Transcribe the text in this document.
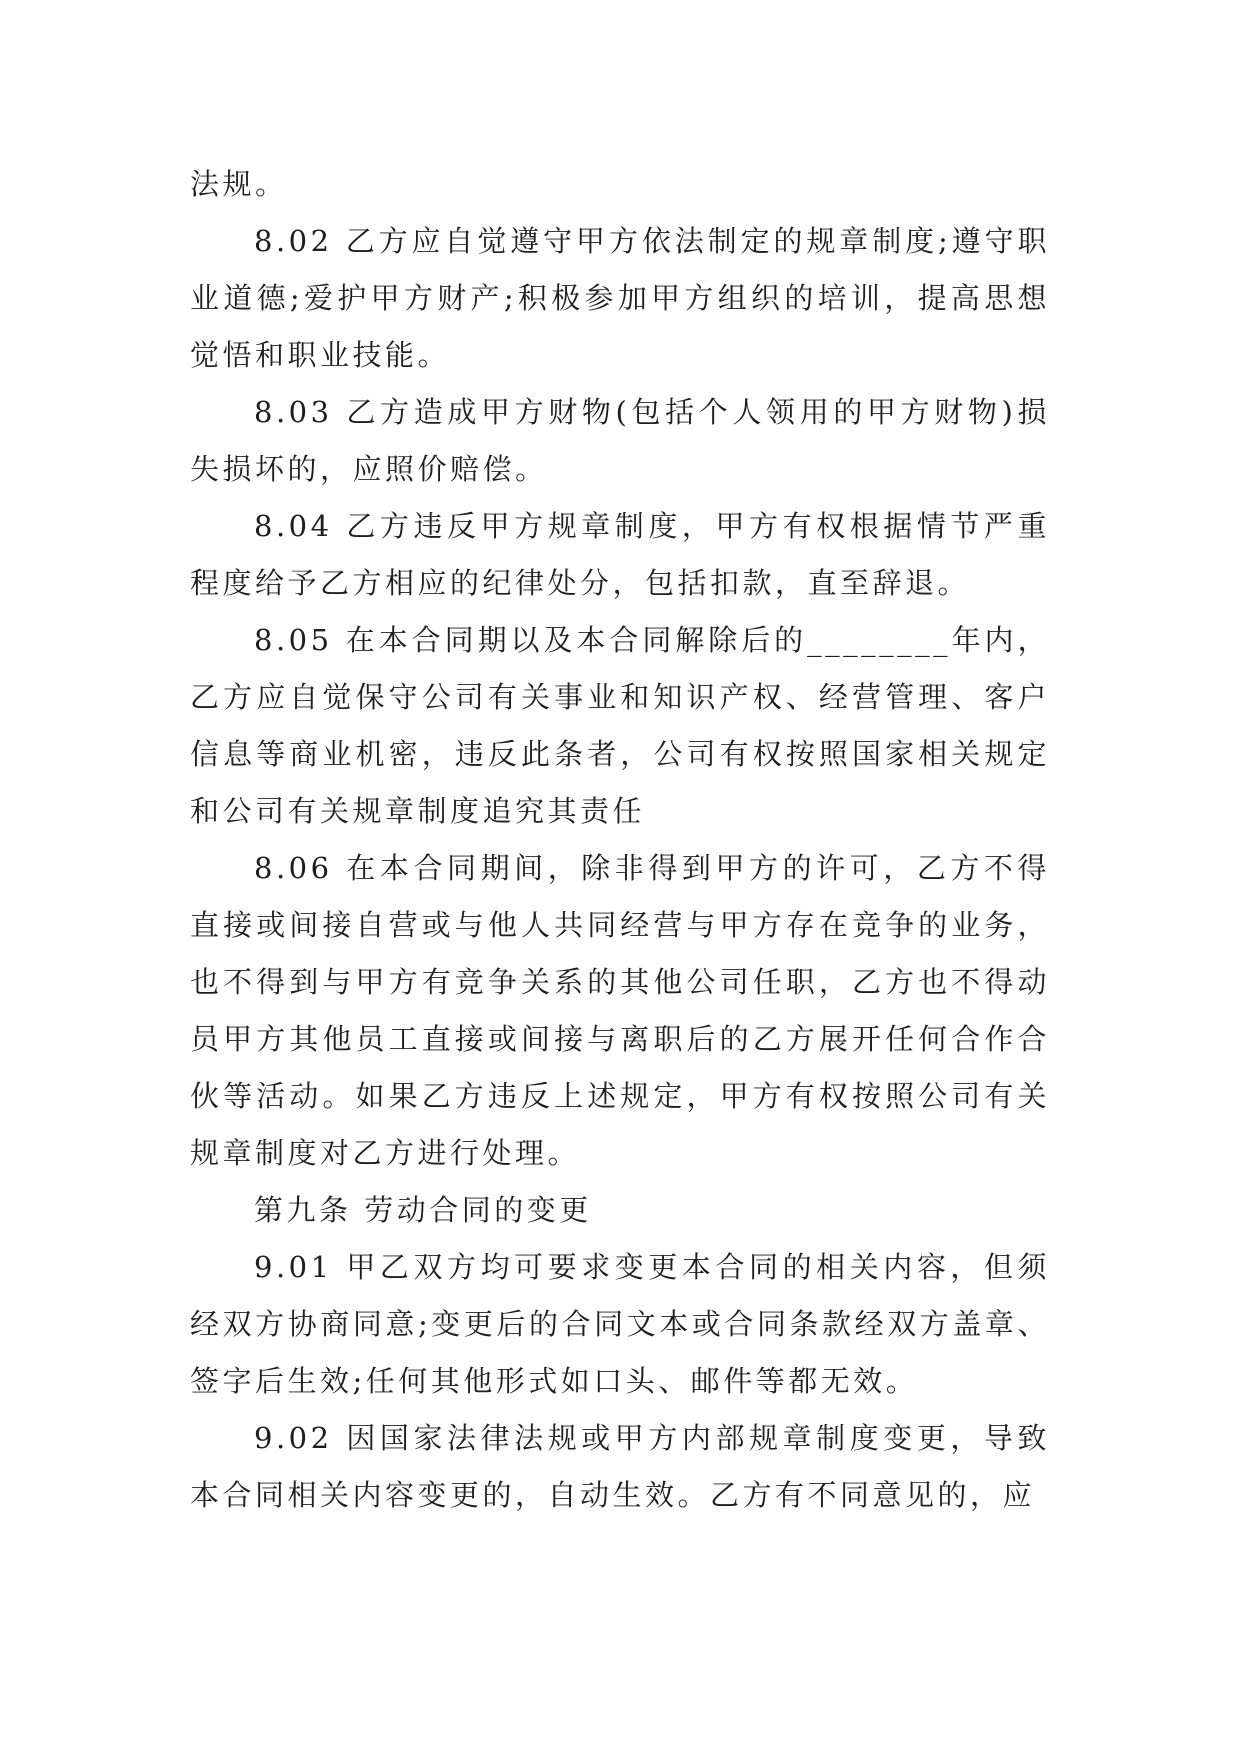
法规。

8.02 乙方应自觉遵守甲方依法制定的规章制度;遵守职业道德;爱护甲方财产;积极参加甲方组织的培训，提高思想觉悟和职业技能。

8.03 乙方造成甲方财物(包括个人领用的甲方财物)损失损坏的，应照价赔偿。

8.04 乙方违反甲方规章制度，甲方有权根据情节严重程度给予乙方相应的纪律处分，包括扣款，直至辞退。

8.05 在本合同期以及本合同解除后的________年内，乙方应自觉保守公司有关事业和知识产权、经营管理、客户信息等商业机密，违反此条者，公司有权按照国家相关规定和公司有关规章制度追究其责任

8.06 在本合同期间，除非得到甲方的许可，乙方不得直接或间接自营或与他人共同经营与甲方存在竞争的业务，也不得到与甲方有竞争关系的其他公司任职，乙方也不得动员甲方其他员工直接或间接与离职后的乙方展开任何合作合伙等活动。如果乙方违反上述规定，甲方有权按照公司有关规章制度对乙方进行处理。

第九条 劳动合同的变更

9.01 甲乙双方均可要求变更本合同的相关内容，但须经双方协商同意;变更后的合同文本或合同条款经双方盖章、签字后生效;任何其他形式如口头、邮件等都无效。

9.02 因国家法律法规或甲方内部规章制度变更，导致本合同相关内容变更的，自动生效。乙方有不同意见的，应
